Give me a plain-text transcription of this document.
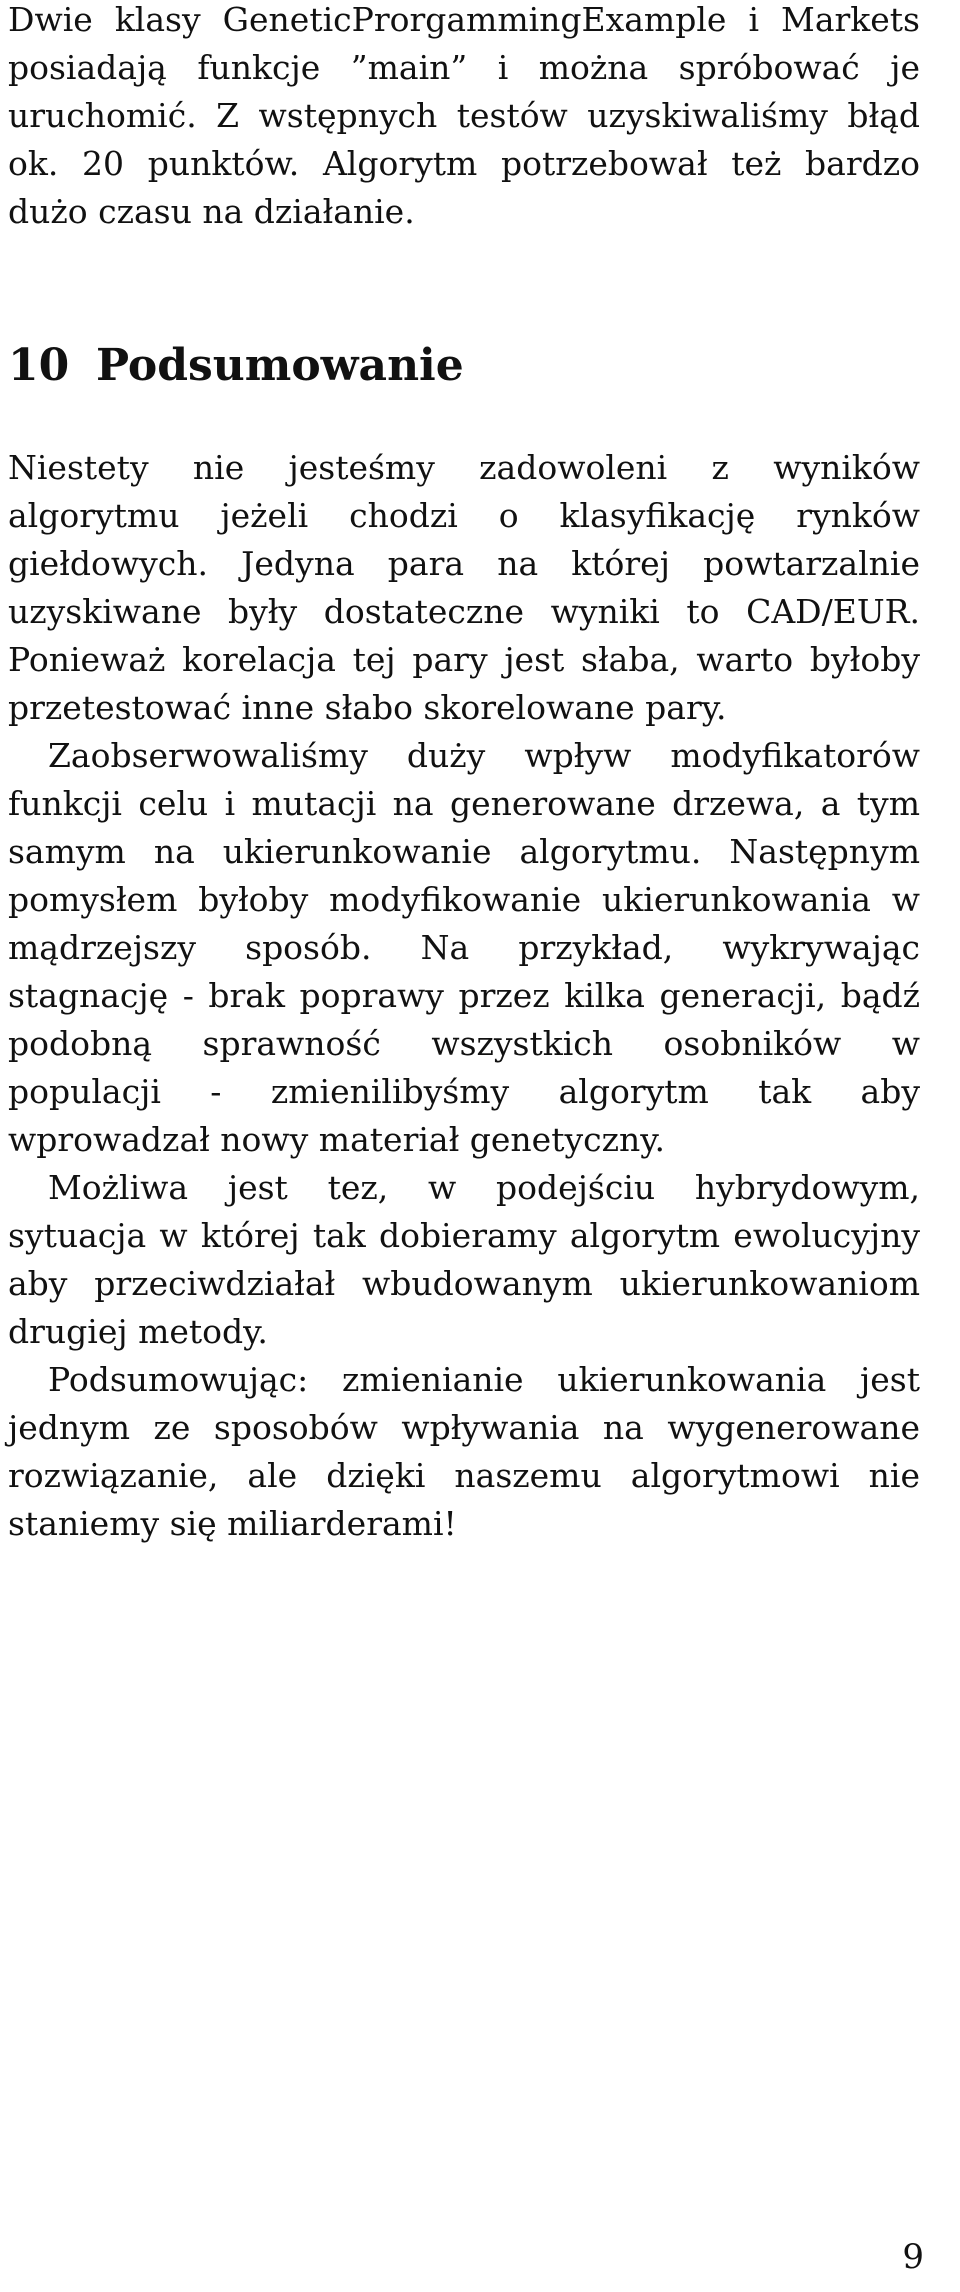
Dwie klasy GeneticProrgammingExample i Markets posiadają funkcje ”main” i można spróbować je uruchomić. Z wstępnych testów uzyskiwaliśmy błąd ok. 20 punktów. Algorytm potrzebował też bardzo dużo czasu na działanie.

10 Podsumowanie

Niestety nie jesteśmy zadowoleni z wyników algorytmu jeżeli chodzi o klasyfikację rynków giełdowych. Jedyna para na której powtarzalnie uzyskiwane były dostateczne wyniki to CAD/EUR. Ponieważ korelacja tej pary jest słaba, warto byłoby przetestować inne słabo skorelowane pary.

Zaobserwowaliśmy duży wpływ modyfikatorów funkcji celu i mutacji na generowane drzewa, a tym samym na ukierunkowanie algorytmu. Następnym pomysłem byłoby modyfikowanie ukierunkowania w mądrzejszy sposób. Na przykład, wykrywając stagnację - brak poprawy przez kilka generacji, bądź podobną sprawność wszystkich osobników w populacji - zmienilibyśmy algorytm tak aby wprowadzał nowy materiał genetyczny.

Możliwa jest tez, w podejściu hybrydowym, sytuacja w której tak dobieramy algorytm ewolucyjny aby przeciwdziałał wbudowanym ukierunkowaniom drugiej metody.

Podsumowując: zmienianie ukierunkowania jest jednym ze sposobów wpływania na wygenerowane rozwiązanie, ale dzięki naszemu algorytmowi nie staniemy się miliarderami!

9
